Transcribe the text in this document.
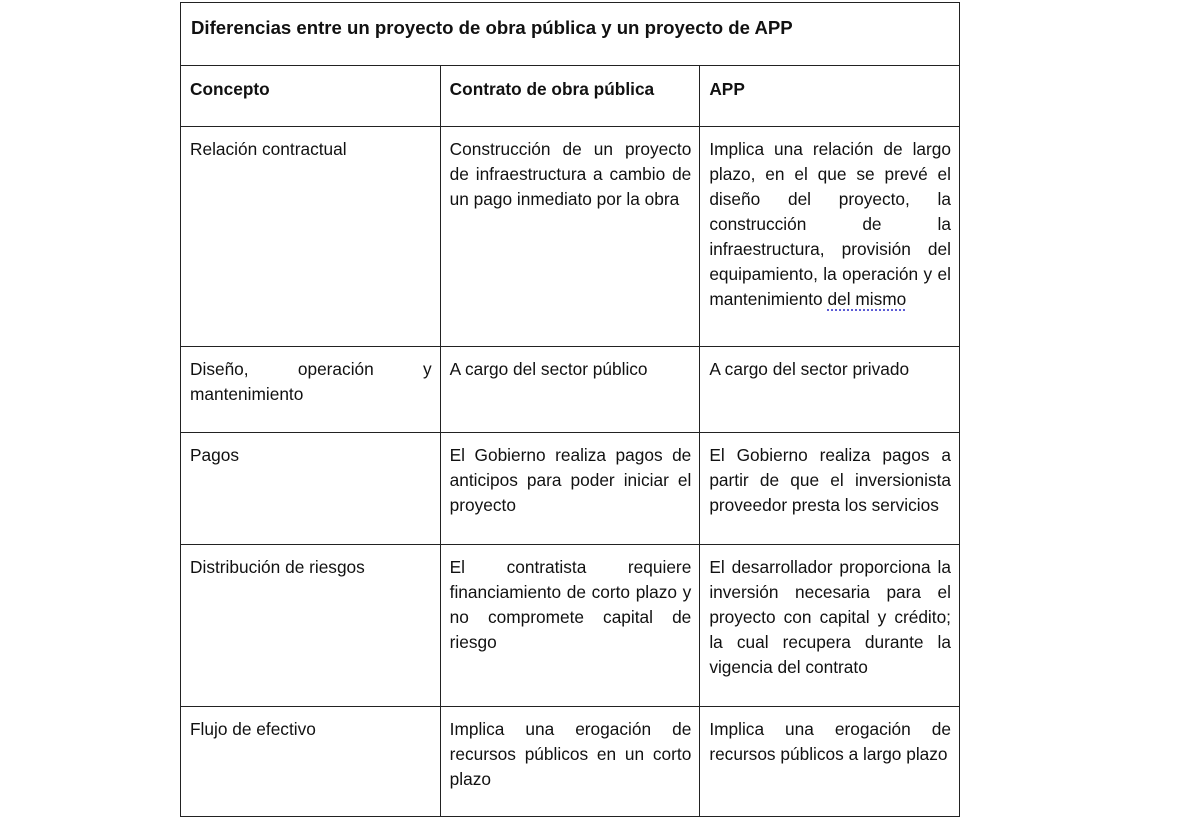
Diferencias entre un proyecto de obra pública y un proyecto de APP		
Concepto	Contrato de obra pública	APP
Relación contractual	Construcción de un proyecto de infraestructura a cambio de un pago inmediato por la obra	Implica una relación de largo plazo, en el que se prevé el diseño del proyecto, la construcción de la infraestructura, provisión del equipamiento, la operación y el mantenimiento del mismo
Diseño, operación y mantenimiento	A cargo del sector público	A cargo del sector privado
Pagos	El Gobierno realiza pagos de anticipos para poder iniciar el proyecto	El Gobierno realiza pagos a partir de que el inversionista proveedor presta los servicios
Distribución de riesgos	El contratista requiere financiamiento de corto plazo y no compromete capital de riesgo	El desarrollador proporciona la inversión necesaria para el proyecto con capital y crédito; la cual recupera durante la vigencia del contrato
Flujo de efectivo	Implica una erogación de recursos públicos en un corto plazo	Implica una erogación de recursos públicos a largo plazo
